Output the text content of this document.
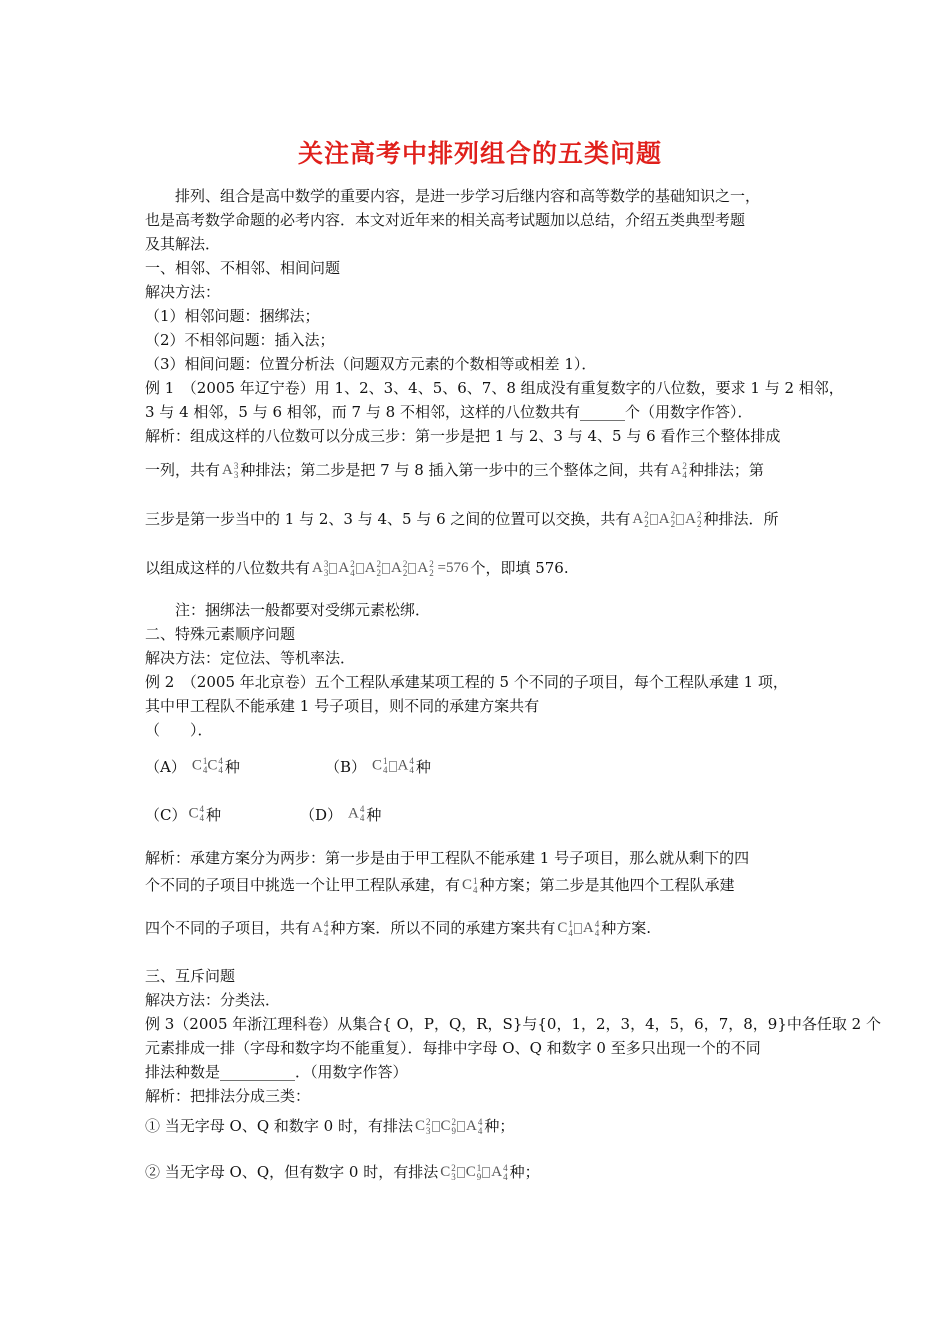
关注高考中排列组合的五类问题
排列、组合是高中数学的重要内容，是进一步学习后继内容和高等数学的基础知识之一，
也是高考数学命题的必考内容．本文对近年来的相关高考试题加以总结，介绍五类典型考题
及其解法．
一、相邻、不相邻、相间问题
解决方法：
（1）相邻问题：捆绑法；
（2）不相邻问题：插入法；
（3）相间问题：位置分析法（问题双方元素的个数相等或相差 1）．
例 1　（2005 年辽宁卷）用 1、2、3、4、5、6、7、8 组成没有重复数字的八位数，要求 1 与 2 相邻，
3 与 4 相邻，5 与 6 相邻，而 7 与 8 不相邻，这样的八位数共有______个（用数字作答）．
解析：组成这样的八位数可以分成三步：第一步是把 1 与 2、3 与 4、5 与 6 看作三个整体排成
一列，共有 A 3
3 种排法；第二步是把 7 与 8 插入第一步中的三个整体之间，共有 A 2
4 种排法；第
三步是第一步当中的 1 与 2、3 与 4、5 与 6 之间的位置可以交换，共有 A 2
2 A 2
2 A 2
2 种排法．所
以组成这样的八位数共有 A 3
3 A 2
4 A 2
2 A 2
2 A 2
2 =576 个，即填 576.
注：捆绑法一般都要对受绑元素松绑．
二、特殊元素顺序问题
解决方法：定位法、等机率法．
例 2　（2005 年北京卷）五个工程队承建某项工程的 5 个不同的子项目，每个工程队承建 1 项，
其中甲工程队不能承建 1 号子项目，则不同的承建方案共有
（　　）．
（A） C 1
4 C 4
4 种	（B） C 1
4 A 4
4 种
（C） C 4
4 种	（D） A 4
4 种
解析：承建方案分为两步：第一步是由于甲工程队不能承建 1 号子项目，那么就从剩下的四
个不同的子项目中挑选一个让甲工程队承建，有 C 1
4 种方案；第二步是其他四个工程队承建
四个不同的子项目，共有 A 4
4 种方案．所以不同的承建方案共有 C 1
4 A 4
4 种方案.
三、互斥问题
解决方法：分类法．
例 3（2005 年浙江理科卷）从集合{ O，P，Q，R，S}与{0，1，2，3，4，5，6，7，8，9}中各任取 2 个
元素排成一排（字母和数字均不能重复）．每排中字母 O、Q 和数字 0 至多只出现一个的不同
排法种数是__________．（用数字作答）
解析：把排法分成三类：
① 当无字母 O、Q 和数字 0 时，有排法 C 2
3 C 2
9 A 4
4 种；
② 当无字母 O、Q，但有数字 0 时，有排法 C 2
3 C 1
9 A 4
4 种；
